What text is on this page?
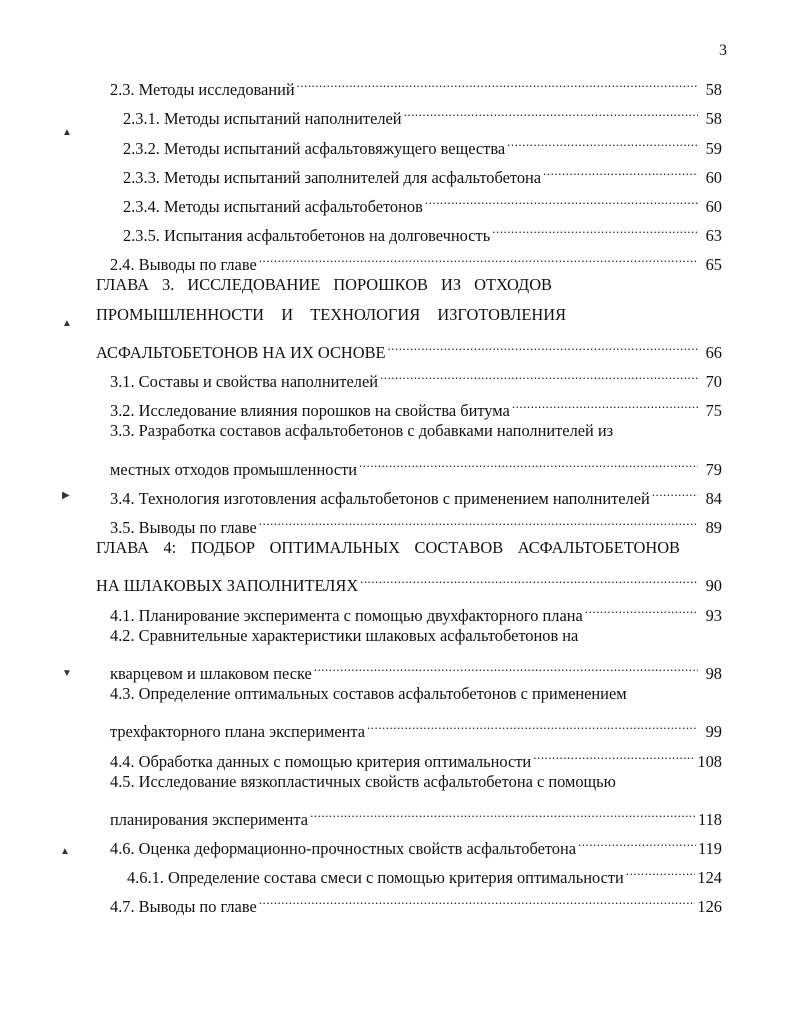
3
2.3. Методы исследований .....	58
2.3.1. Методы испытаний наполнителей .....	58
2.3.2. Методы испытаний асфальтовяжущего вещества .....	59
2.3.3. Методы испытаний заполнителей для асфальтобетона .....	60
2.3.4. Методы испытаний асфальтобетонов .....	60
2.3.5. Испытания асфальтобетонов на долговечность .....	63
2.4. Выводы по главе .....	65
ГЛАВА 3. ИССЛЕДОВАНИЕ ПОРОШКОВ ИЗ ОТХОДОВ
ПРОМЫШЛЕННОСТИ И ТЕХНОЛОГИЯ ИЗГОТОВЛЕНИЯ
АСФАЛЬТОБЕТОНОВ НА ИХ ОСНОВЕ .....	66
3.1. Составы и свойства наполнителей .....	70
3.2. Исследование влияния порошков на свойства битума .....	75
3.3. Разработка составов асфальтобетонов с добавками наполнителей из
местных отходов промышленности .....	79
3.4. Технология изготовления асфальтобетонов с применением наполнителей .....	84
3.5. Выводы по главе .....	89
ГЛАВА 4: ПОДБОР ОПТИМАЛЬНЫХ СОСТАВОВ АСФАЛЬТОБЕТОНОВ
НА ШЛАКОВЫХ ЗАПОЛНИТЕЛЯХ .....	90
4.1. Планирование эксперимента с помощью двухфакторного плана .....	93
4.2. Сравнительные характеристики шлаковых асфальтобетонов на
кварцевом и шлаковом песке .....	98
4.3. Определение оптимальных составов асфальтобетонов с применением
трехфакторного плана эксперимента .....	99
4.4. Обработка данных с помощью критерия оптимальности .....	108
4.5. Исследование вязкопластичных свойств асфальтобетона с помощью
планирования эксперимента .....	118
4.6. Оценка деформационно-прочностных свойств асфальтобетона .....	119
4.6.1. Определение состава смеси с помощью критерия оптимальности .....	124
4.7. Выводы по главе .....	126
▲
▲
▶
▼
▲
